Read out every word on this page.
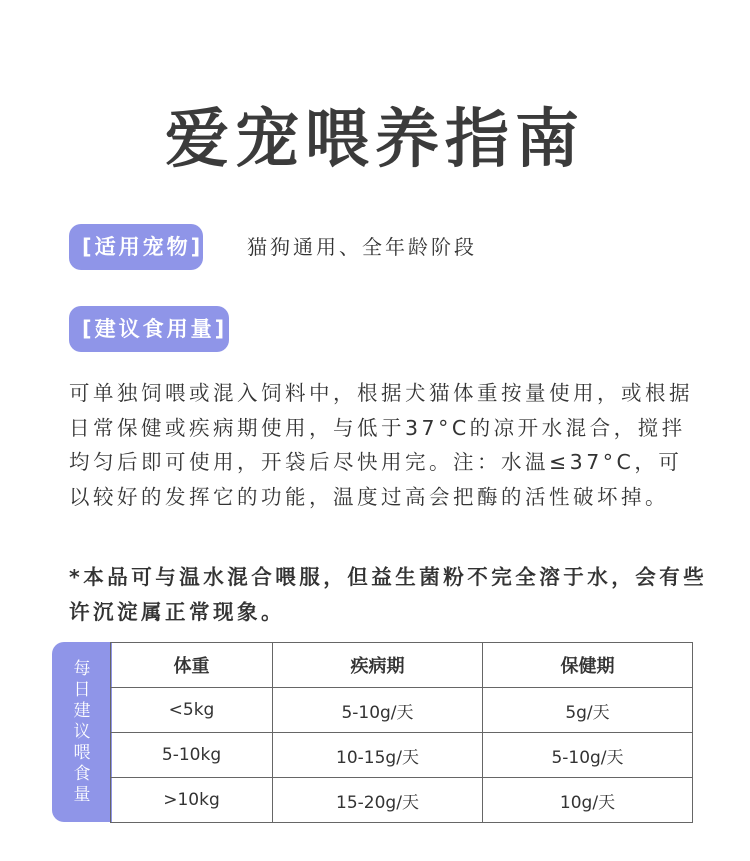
爱宠喂养指南
[适用宠物] 猫狗通用、全年龄阶段
[建议食用量]

可单独饲喂或混入饲料中，根据犬猫体重按量使用，或根据日常保健或疾病期使用，与低于37°C的凉开水混合，搅拌均匀后即可使用，开袋后尽快用完。注：水温≤37°C，可以较好的发挥它的功能，温度过高会把酶的活性破坏掉。

*本品可与温水混合喂服，但益生菌粉不完全溶于水，会有些许沉淀属正常现象。

每
日
建
议
喂
食
量
体重	疾病期	保健期
<5kg	5-10g/天	5g/天
5-10kg	10-15g/天	5-10g/天
>10kg	15-20g/天	10g/天
